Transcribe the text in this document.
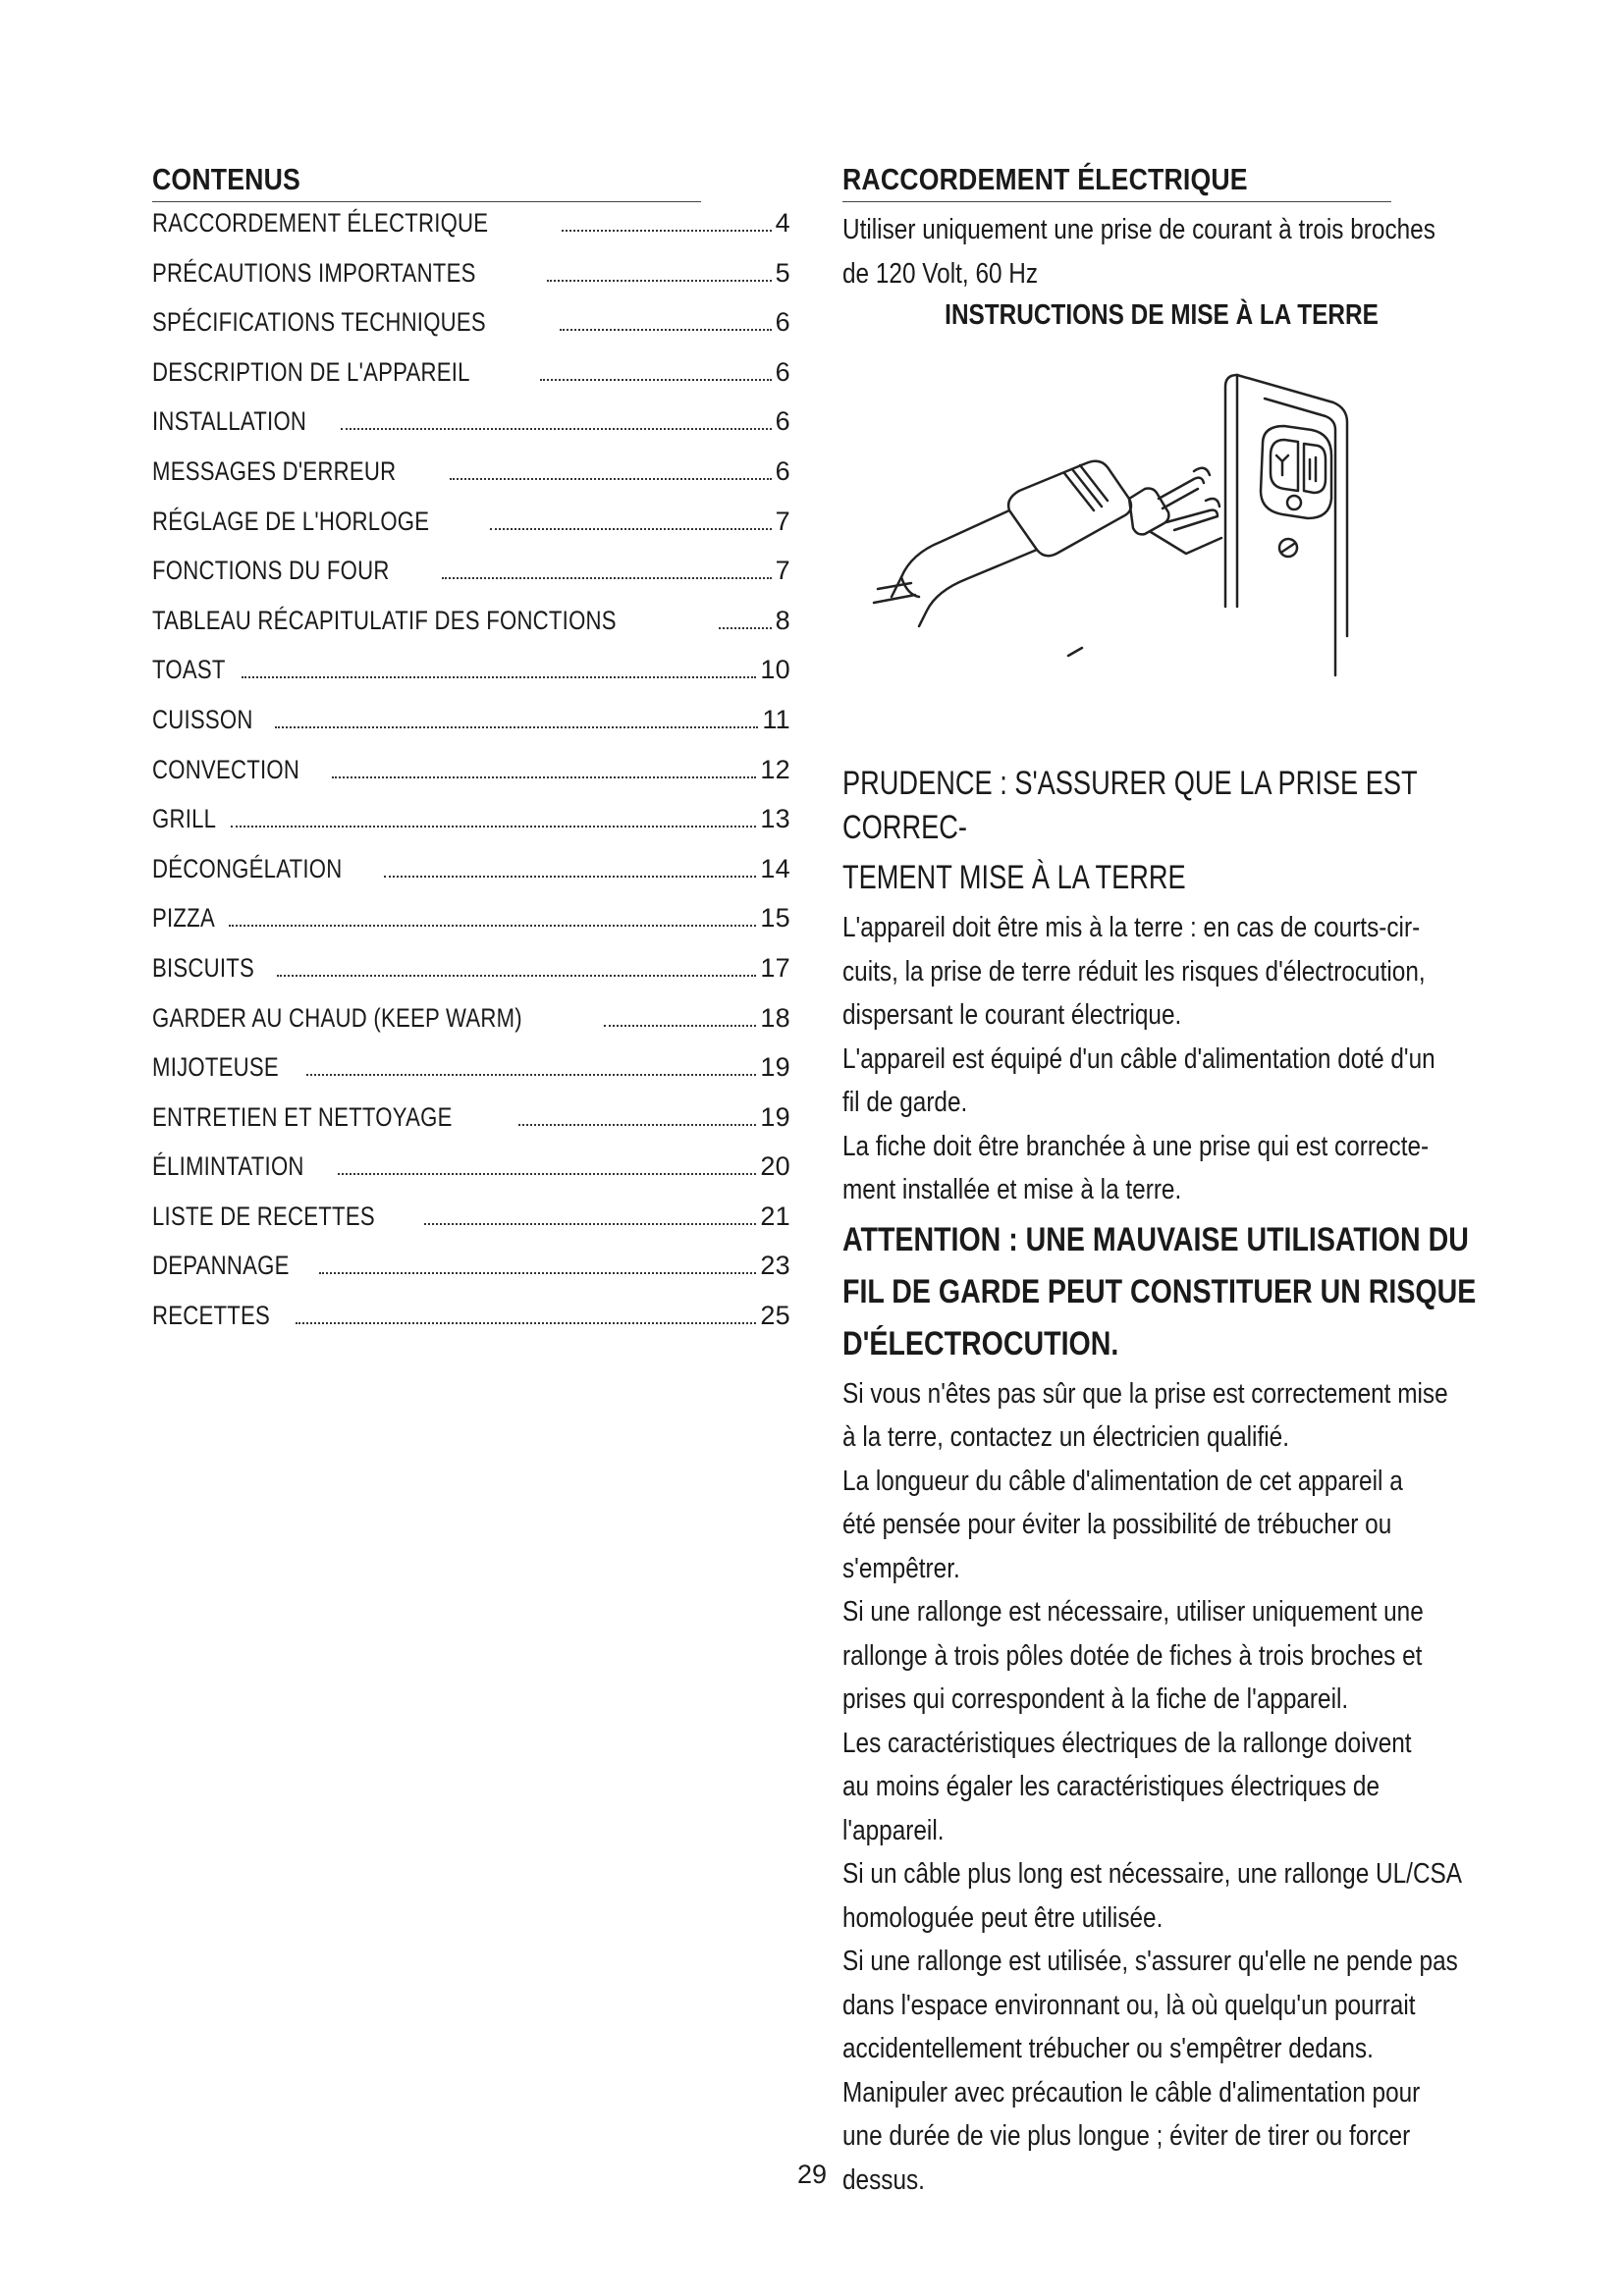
CONTENUS
RACCORDEMENT ÉLECTRIQUE	4
PRÉCAUTIONS IMPORTANTES	5
SPÉCIFICATIONS TECHNIQUES	6
DESCRIPTION DE L'APPAREIL	6
INSTALLATION	6
MESSAGES D'ERREUR	6
RÉGLAGE DE L'HORLOGE	7
FONCTIONS DU FOUR	7
TABLEAU RÉCAPITULATIF DES FONCTIONS	8
TOAST	10
CUISSON	11
CONVECTION	12
GRILL	13
DÉCONGÉLATION	14
PIZZA	15
BISCUITS	17
GARDER AU CHAUD (KEEP WARM)	18
MIJOTEUSE	19
ENTRETIEN ET NETTOYAGE	19
ÉLIMINTATION	20
LISTE DE RECETTES	21
DEPANNAGE	23
RECETTES	25
RACCORDEMENT ÉLECTRIQUE

Utiliser uniquement une prise de courant à trois broches

de 120 Volt, 60 Hz

INSTRUCTIONS DE MISE À LA TERRE

PRUDENCE : S'ASSURER QUE LA PRISE EST CORREC-

TEMENT MISE À LA TERRE

L'appareil doit être mis à la terre : en cas de courts-cir-

cuits, la prise de terre réduit les risques d'électrocution,

dispersant le courant électrique.

L'appareil est équipé d'un câble d'alimentation doté d'un

fil de garde.

La fiche doit être branchée à une prise qui est correcte-

ment installée et mise à la terre.

ATTENTION : UNE MAUVAISE UTILISATION DU

FIL DE GARDE PEUT CONSTITUER UN RISQUE

D'ÉLECTROCUTION.

Si vous n'êtes pas sûr que la prise est correctement mise

à la terre, contactez un électricien qualifié.

La longueur du câble d'alimentation de cet appareil a

été pensée pour éviter la possibilité de trébucher ou

s'empêtrer.

Si une rallonge est nécessaire, utiliser uniquement une

rallonge à trois pôles dotée de fiches à trois broches et

prises qui correspondent à la fiche de l'appareil.

Les caractéristiques électriques de la rallonge doivent

au moins égaler les caractéristiques électriques de

l'appareil.

Si un câble plus long est nécessaire, une rallonge UL/CSA

homologuée peut être utilisée.

Si une rallonge est utilisée, s'assurer qu'elle ne pende pas

dans l'espace environnant ou, là où quelqu'un pourrait

accidentellement trébucher ou s'empêtrer dedans.

Manipuler avec précaution le câble d'alimentation pour

une durée de vie plus longue ; éviter de tirer ou forcer

dessus.

29
